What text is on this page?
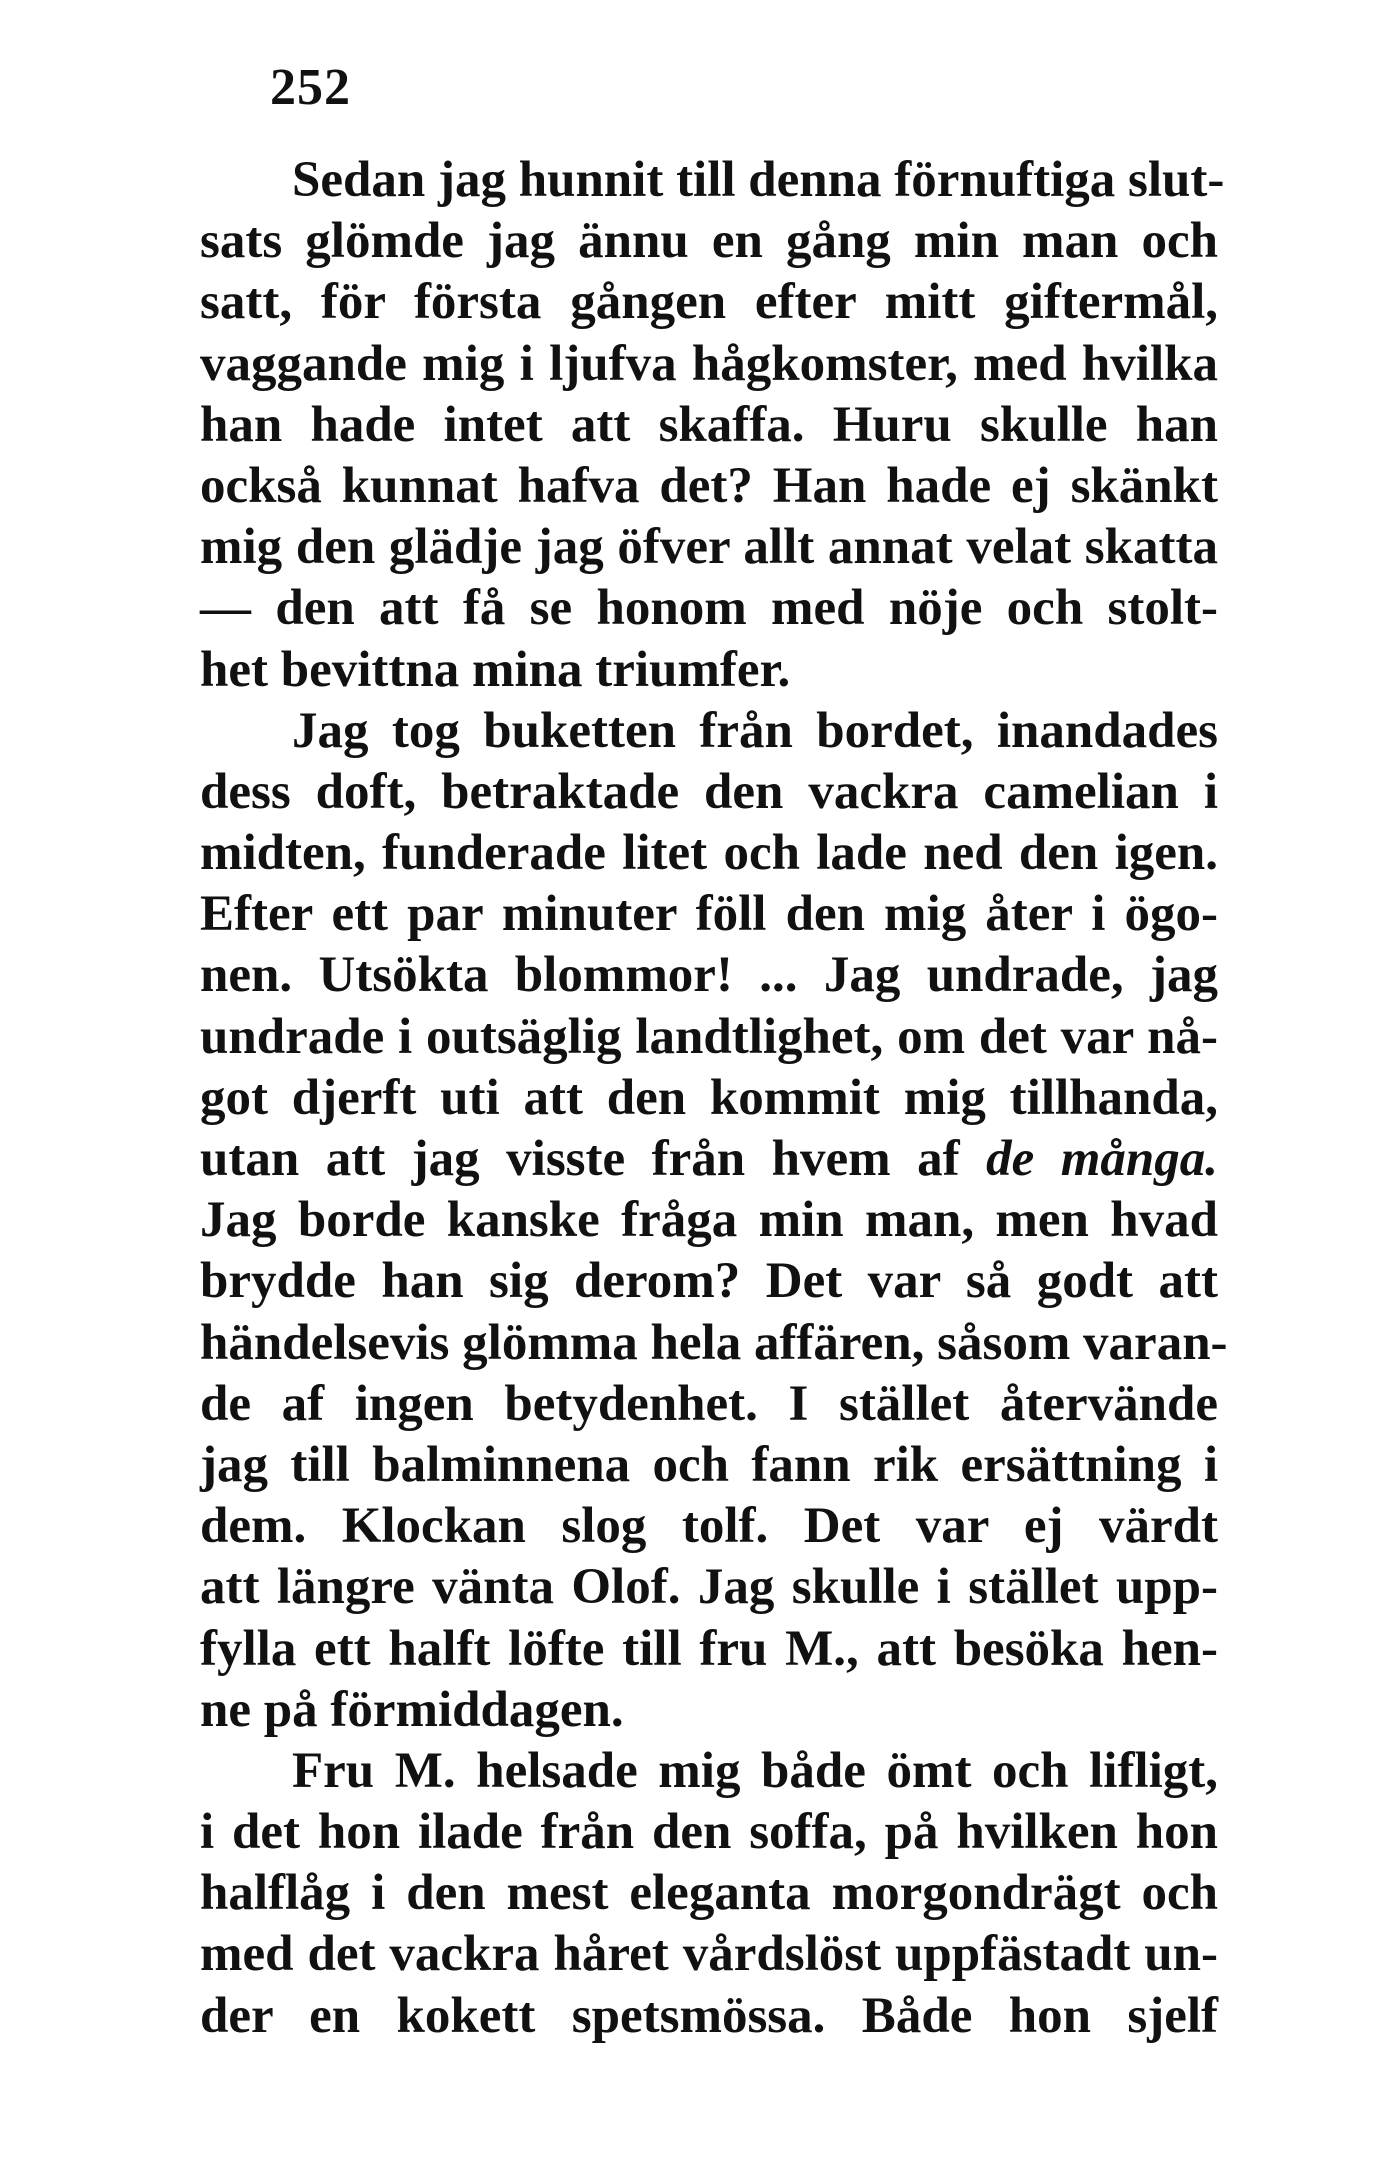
252
Sedan jag hunnit till denna förnuftiga slut-
sats glömde jag ännu en gång min man och
satt, för första gången efter mitt giftermål,
vaggande mig i ljufva hågkomster, med hvilka
han hade intet att skaffa. Huru skulle han
också kunnat hafva det? Han hade ej skänkt
mig den glädje jag öfver allt annat velat skatta
— den att få se honom med nöje och stolt-
het bevittna mina triumfer.
Jag tog buketten från bordet, inandades
dess doft, betraktade den vackra camelian i
midten, funderade litet och lade ned den igen.
Efter ett par minuter föll den mig åter i ögo-
nen. Utsökta blommor! ... Jag undrade, jag
undrade i outsäglig landtlighet, om det var nå-
got djerft uti att den kommit mig tillhanda,
utan att jag visste från hvem af de många.
Jag borde kanske fråga min man, men hvad
brydde han sig derom? Det var så godt att
händelsevis glömma hela affären, såsom varan-
de af ingen betydenhet. I stället återvände
jag till balminnena och fann rik ersättning i
dem. Klockan slog tolf. Det var ej värdt
att längre vänta Olof. Jag skulle i stället upp-
fylla ett halft löfte till fru M., att besöka hen-
ne på förmiddagen.
Fru M. helsade mig både ömt och lifligt,
i det hon ilade från den soffa, på hvilken hon
halflåg i den mest eleganta morgondrägt och
med det vackra håret vårdslöst uppfästadt un-
der en kokett spetsmössa. Både hon sjelf
